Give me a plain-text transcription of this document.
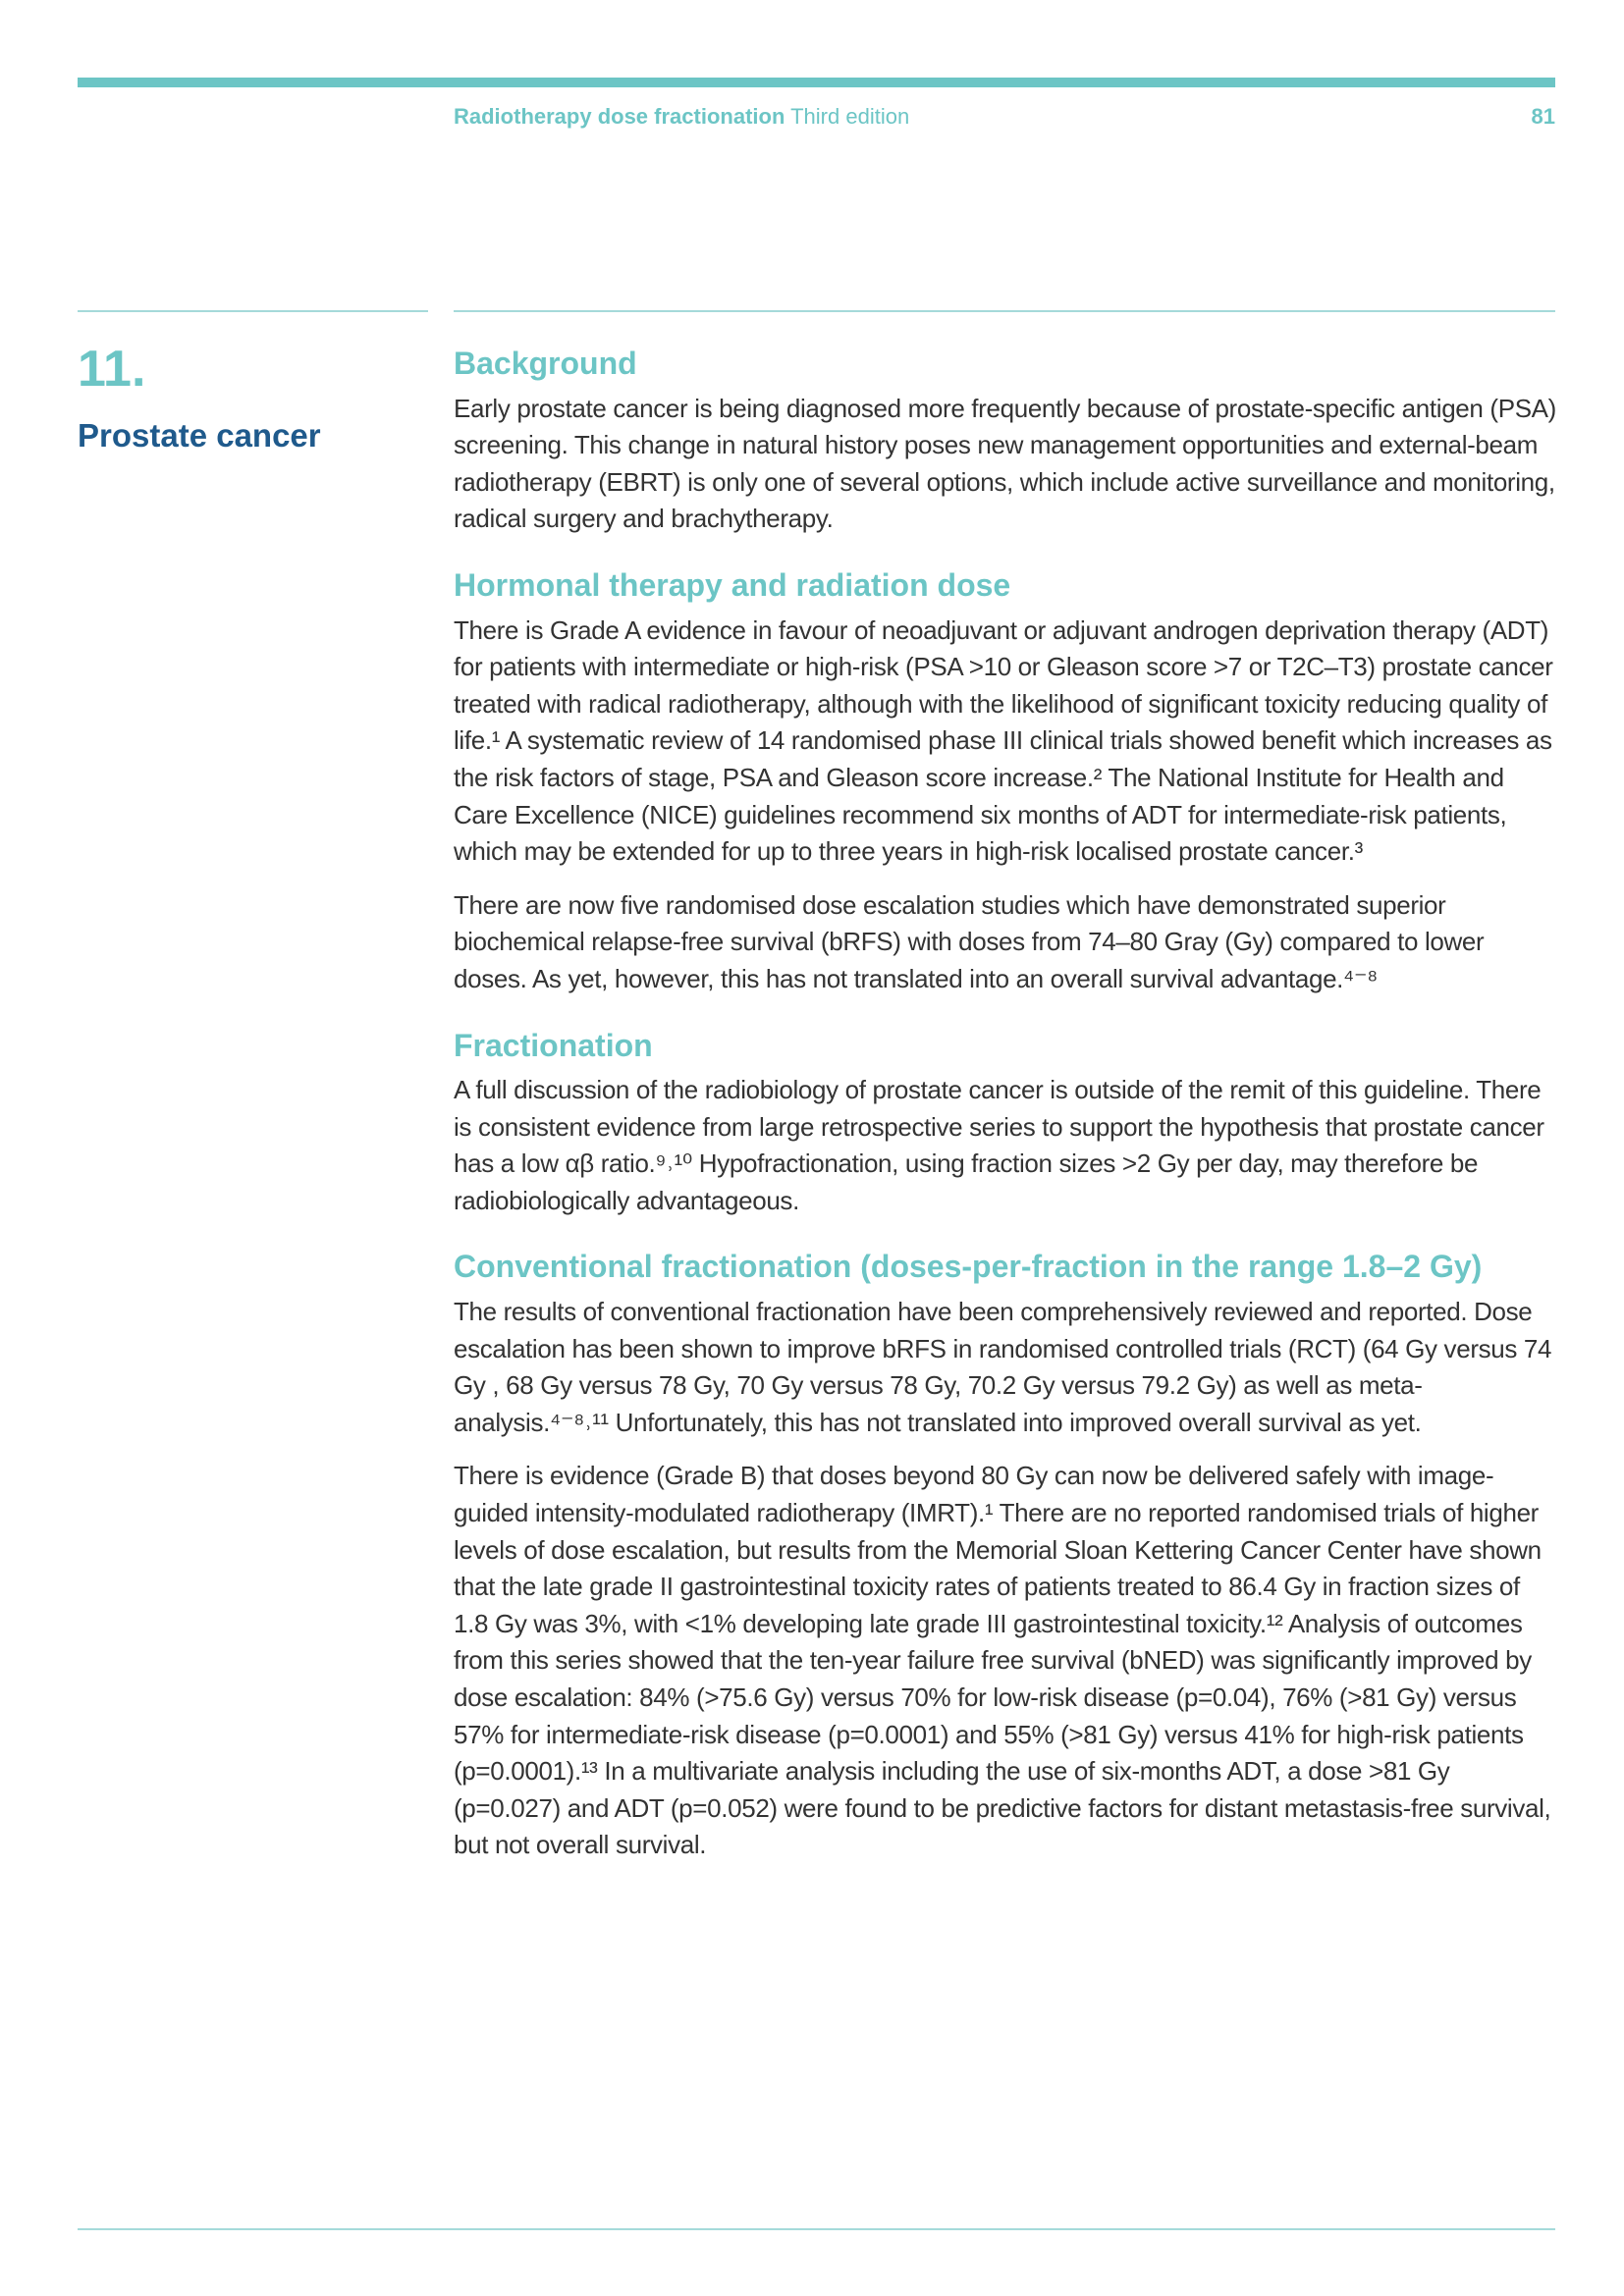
Radiotherapy dose fractionation Third edition	81
11.
Prostate cancer
Background

Early prostate cancer is being diagnosed more frequently because of prostate-specific antigen (PSA) screening. This change in natural history poses new management opportunities and external-beam radiotherapy (EBRT) is only one of several options, which include active surveillance and monitoring, radical surgery and brachytherapy.

Hormonal therapy and radiation dose

There is Grade A evidence in favour of neoadjuvant or adjuvant androgen deprivation therapy (ADT) for patients with intermediate or high-risk (PSA >10 or Gleason score >7 or T2C–T3) prostate cancer treated with radical radiotherapy, although with the likelihood of significant toxicity reducing quality of life.¹ A systematic review of 14 randomised phase III clinical trials showed benefit which increases as the risk factors of stage, PSA and Gleason score increase.² The National Institute for Health and Care Excellence (NICE) guidelines recommend six months of ADT for intermediate-risk patients, which may be extended for up to three years in high-risk localised prostate cancer.³

There are now five randomised dose escalation studies which have demonstrated superior biochemical relapse-free survival (bRFS) with doses from 74–80 Gray (Gy) compared to lower doses. As yet, however, this has not translated into an overall survival advantage.⁴⁻⁸

Fractionation

A full discussion of the radiobiology of prostate cancer is outside of the remit of this guideline. There is consistent evidence from large retrospective series to support the hypothesis that prostate cancer has a low αβ ratio.⁹˒¹⁰ Hypofractionation, using fraction sizes >2 Gy per day, may therefore be radiobiologically advantageous.

Conventional fractionation (doses-per-fraction in the range 1.8–2 Gy)

The results of conventional fractionation have been comprehensively reviewed and reported. Dose escalation has been shown to improve bRFS in randomised controlled trials (RCT) (64 Gy versus 74 Gy , 68 Gy versus 78 Gy, 70 Gy versus 78 Gy, 70.2 Gy versus 79.2 Gy) as well as meta-analysis.⁴⁻⁸˒¹¹ Unfortunately, this has not translated into improved overall survival as yet.

There is evidence (Grade B) that doses beyond 80 Gy can now be delivered safely with image-guided intensity-modulated radiotherapy (IMRT).¹ There are no reported randomised trials of higher levels of dose escalation, but results from the Memorial Sloan Kettering Cancer Center have shown that the late grade II gastrointestinal toxicity rates of patients treated to 86.4 Gy in fraction sizes of 1.8 Gy was 3%, with <1% developing late grade III gastrointestinal toxicity.¹² Analysis of outcomes from this series showed that the ten-year failure free survival (bNED) was significantly improved by dose escalation: 84% (>75.6 Gy) versus 70% for low-risk disease (p=0.04), 76% (>81 Gy) versus 57% for intermediate-risk disease (p=0.0001) and 55% (>81 Gy) versus 41% for high-risk patients (p=0.0001).¹³ In a multivariate analysis including the use of six-months ADT, a dose >81 Gy (p=0.027) and ADT (p=0.052) were found to be predictive factors for distant metastasis-free survival, but not overall survival.
